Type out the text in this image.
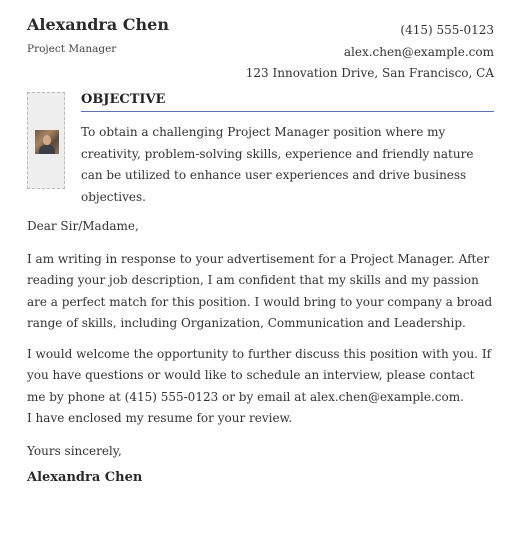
Alexandra Chen
Project Manager
(415) 555-0123
alex.chen@example.com
123 Innovation Drive, San Francisco, CA
OBJECTIVE
To obtain a challenging Project Manager position where my creativity, problem-solving skills, experience and friendly nature can be utilized to enhance user experiences and drive business objectives.

Dear Sir/Madame,

I am writing in response to your advertisement for a Project Manager. After reading your job description, I am confident that my skills and my passion are a perfect match for this position. I would bring to your company a broad range of skills, including Organization, Communication and Leadership.

I would welcome the opportunity to further discuss this position with you. If you have questions or would like to schedule an interview, please contact me by phone at (415) 555-0123 or by email at alex.chen@example.com.

I have enclosed my resume for your review.

Yours sincerely,

Alexandra Chen
